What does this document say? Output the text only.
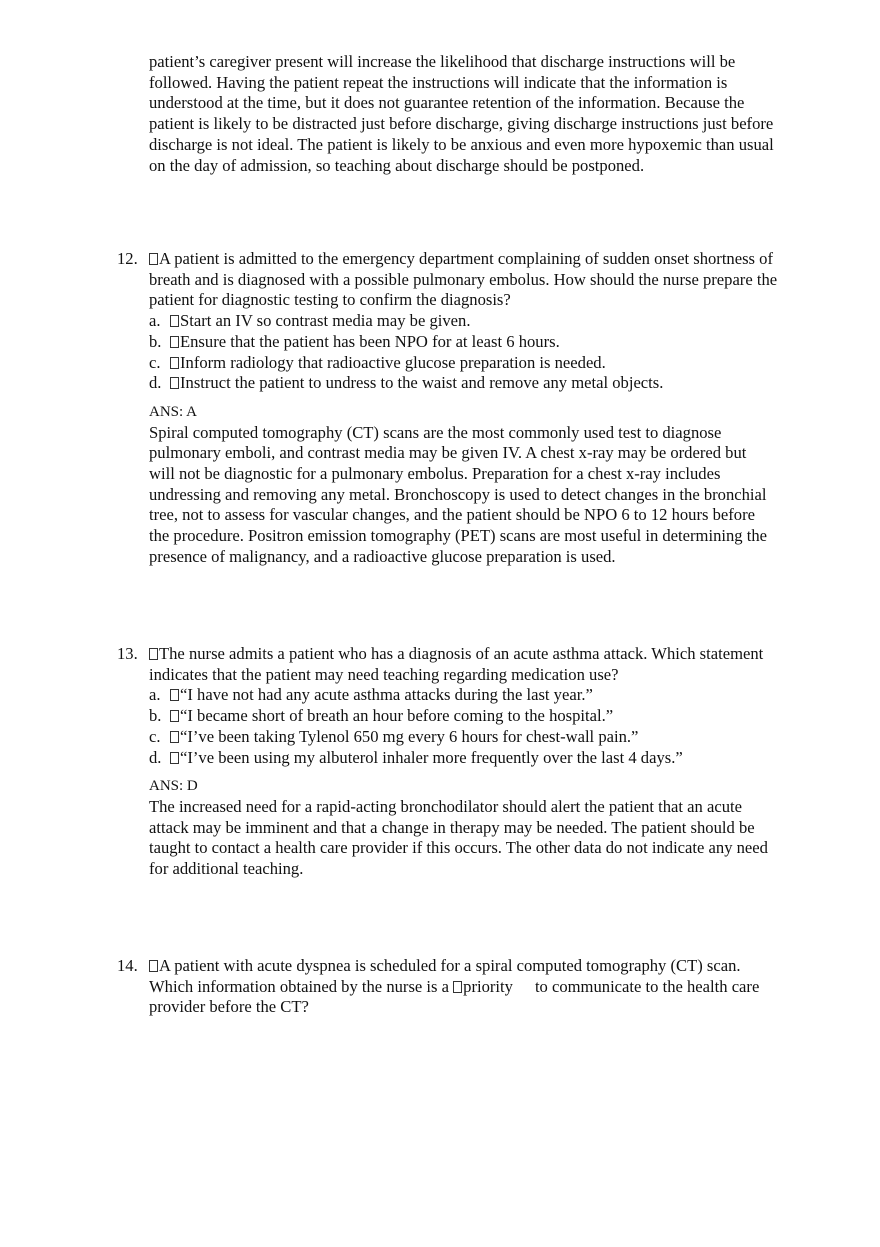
patient’s caregiver present will increase the likelihood that discharge instructions will be
followed. Having the patient repeat the instructions will indicate that the information is
understood at the time, but it does not guarantee retention of the information. Because the
patient is likely to be distracted just before discharge, giving discharge instructions just before
discharge is not ideal. The patient is likely to be anxious and even more hypoxemic than usual
on the day of admission, so teaching about discharge should be postponed.
12.	A patient is admitted to the emergency department complaining of sudden onset shortness of
breath and is diagnosed with a possible pulmonary embolus. How should the nurse prepare the
patient for diagnostic testing to confirm the diagnosis?
a.	Start an IV so contrast media may be given.
b.	Ensure that the patient has been NPO for at least 6 hours.
c.	Inform radiology that radioactive glucose preparation is needed.
d.	Instruct the patient to undress to the waist and remove any metal objects.
ANS: A
Spiral computed tomography (CT) scans are the most commonly used test to diagnose
pulmonary emboli, and contrast media may be given IV. A chest x-ray may be ordered but
will not be diagnostic for a pulmonary embolus. Preparation for a chest x-ray includes
undressing and removing any metal. Bronchoscopy is used to detect changes in the bronchial
tree, not to assess for vascular changes, and the patient should be NPO 6 to 12 hours before
the procedure. Positron emission tomography (PET) scans are most useful in determining the
presence of malignancy, and a radioactive glucose preparation is used.
13.	The nurse admits a patient who has a diagnosis of an acute asthma attack. Which statement
indicates that the patient may need teaching regarding medication use?
a.	“I have not had any acute asthma attacks during the last year.”
b.	“I became short of breath an hour before coming to the hospital.”
c.	“I’ve been taking Tylenol 650 mg every 6 hours for chest-wall pain.”
d.	“I’ve been using my albuterol inhaler more frequently over the last 4 days.”
ANS: D
The increased need for a rapid-acting bronchodilator should alert the patient that an acute
attack may be imminent and that a change in therapy may be needed. The patient should be
taught to contact a health care provider if this occurs. The other data do not indicate any need
for additional teaching.
14.	A patient with acute dyspnea is scheduled for a spiral computed tomography (CT) scan.
Which information obtained by the nurse is a priority to communicate to the health care
provider before the CT?
